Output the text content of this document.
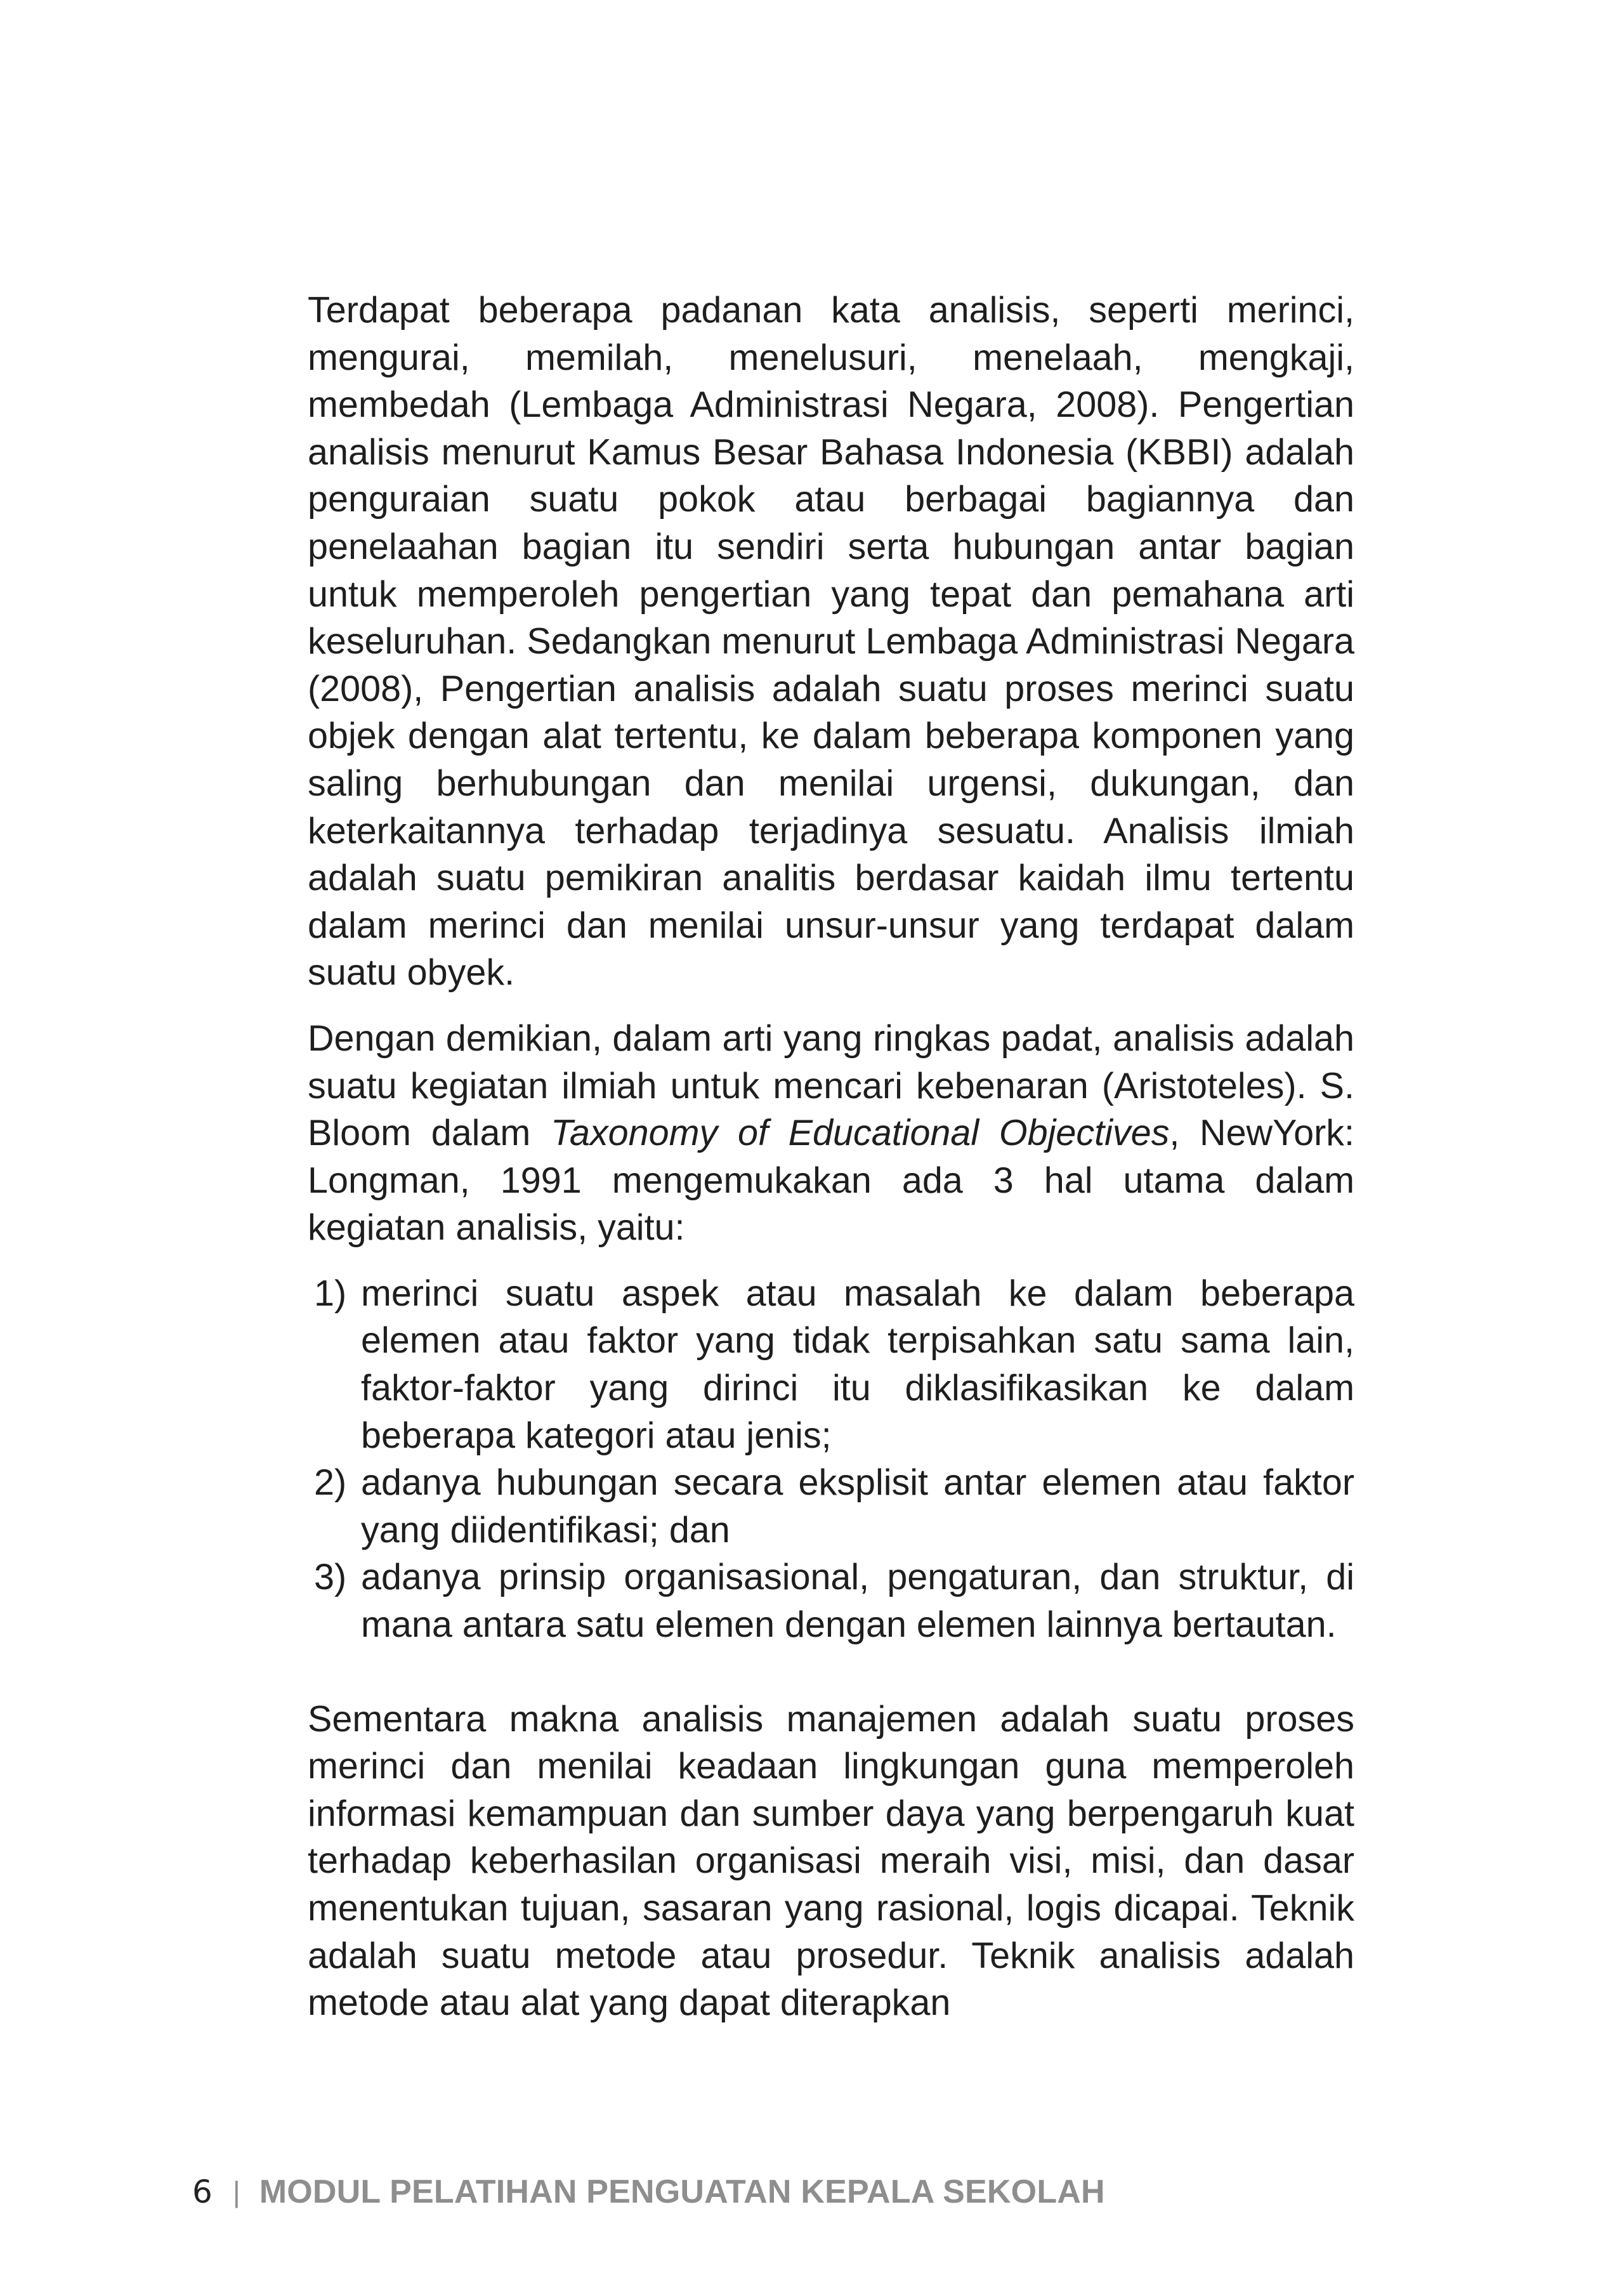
Terdapat beberapa padanan kata analisis, seperti merinci, mengurai, memilah, menelusuri, menelaah, mengkaji, membedah (Lembaga Administrasi Negara, 2008). Pengertian analisis menurut Kamus Besar Bahasa Indonesia (KBBI) adalah penguraian suatu pokok atau berbagai bagiannya dan penelaahan bagian itu sendiri serta hubungan antar bagian untuk memperoleh pengertian yang tepat dan pemahana arti keseluruhan. Sedangkan menurut Lembaga Administrasi Negara (2008), Pengertian analisis adalah suatu proses merinci suatu objek dengan alat tertentu, ke dalam beberapa komponen yang saling berhubungan dan menilai urgensi, dukungan, dan keterkaitannya terhadap terjadinya sesuatu. Analisis ilmiah adalah suatu pemikiran analitis berdasar kaidah ilmu tertentu dalam merinci dan menilai unsur-unsur yang terdapat dalam suatu obyek.

Dengan demikian, dalam arti yang ringkas padat, analisis adalah suatu kegiatan ilmiah untuk mencari kebenaran (Aristoteles). S. Bloom dalam Taxonomy of Educational Objectives, NewYork: Longman, 1991 mengemukakan ada 3 hal utama dalam kegiatan analisis, yaitu:

1) merinci suatu aspek atau masalah ke dalam beberapa elemen atau faktor yang tidak terpisahkan satu sama lain, faktor-faktor yang dirinci itu diklasifikasikan ke dalam beberapa kategori atau jenis;
2) adanya hubungan secara eksplisit antar elemen atau faktor yang diidentifikasi; dan
3) adanya prinsip organisasional, pengaturan, dan struktur, di mana antara satu elemen dengan elemen lainnya bertautan.

Sementara makna analisis manajemen adalah suatu proses merinci dan menilai keadaan lingkungan guna memperoleh informasi kemampuan dan sumber daya yang berpengaruh kuat terhadap keberhasilan organisasi meraih visi, misi, dan dasar menentukan tujuan, sasaran yang rasional, logis dicapai. Teknik adalah suatu metode atau prosedur. Teknik analisis adalah metode atau alat yang dapat diterapkan

6 | MODUL PELATIHAN PENGUATAN KEPALA SEKOLAH
